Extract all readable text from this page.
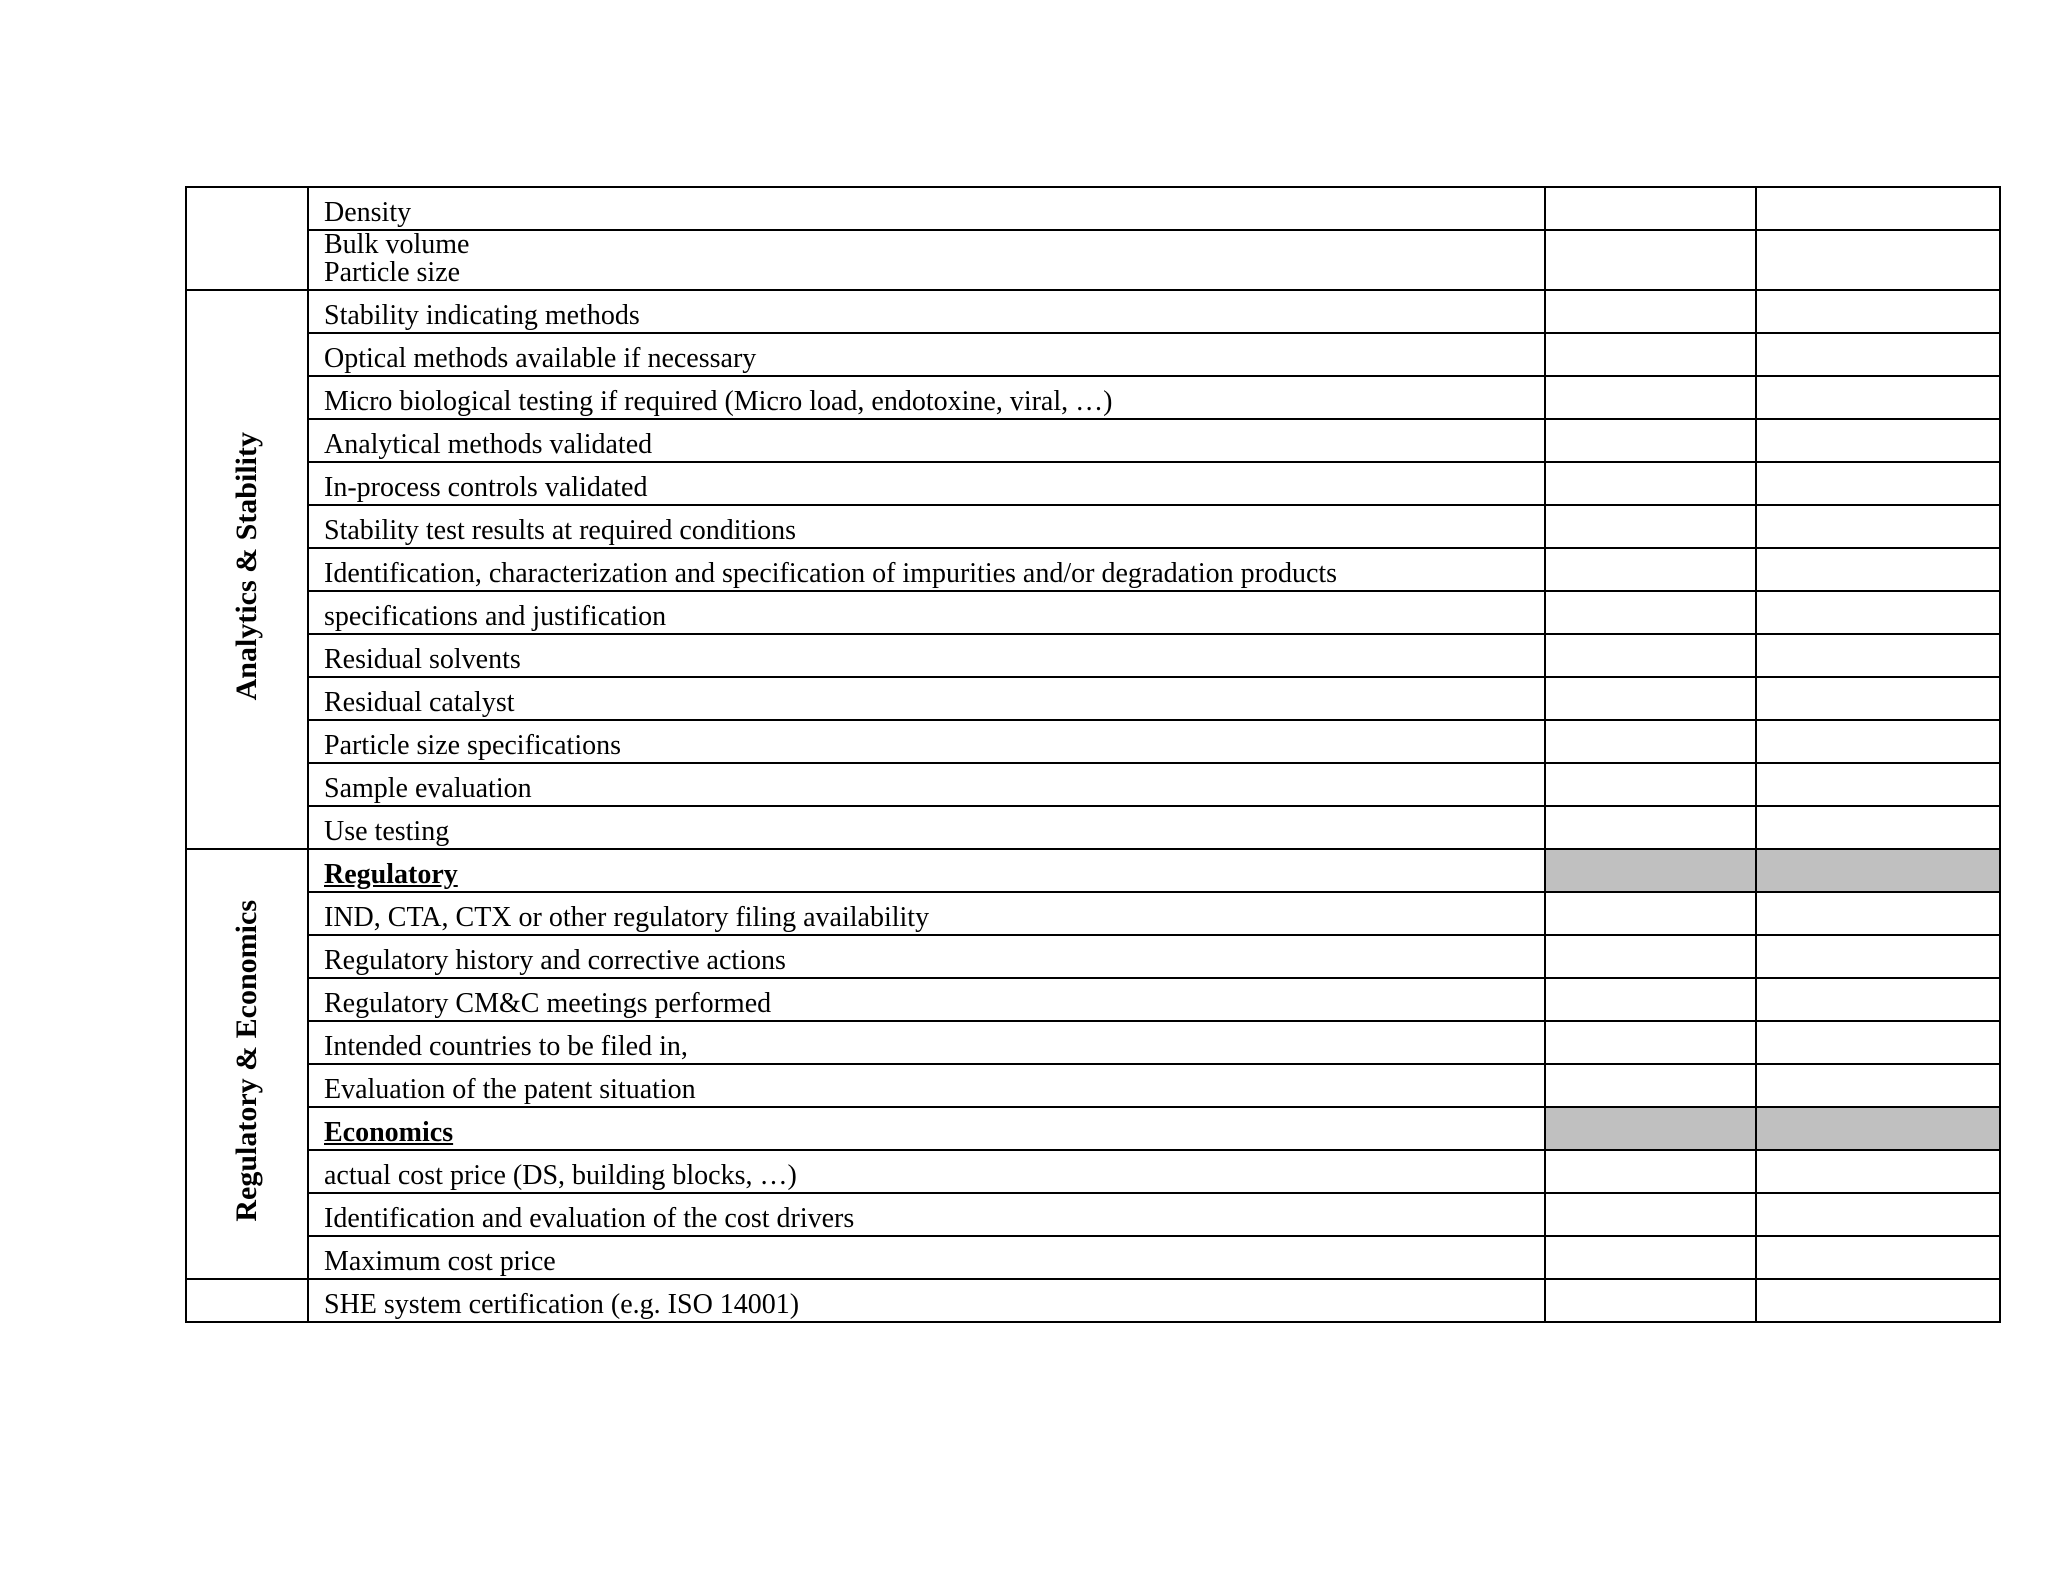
	Density		

	Bulk volume
Particle size		

Analytics & Stability	Stability indicating methods		
	Optical methods available if necessary		
	Micro biological testing if required (Micro load, endotoxine, viral, …)		
	Analytical methods validated		
	In-process controls validated		
	Stability test results at required conditions		
	Identification, characterization and specification of impurities and/or degradation products		
	specifications and justification		
	Residual solvents		
	Residual catalyst		
	Particle size specifications		
	Sample evaluation		
	Use testing		
Regulatory & Economics	Regulatory		
	IND, CTA, CTX or other regulatory filing availability		
	Regulatory history and corrective actions		
	Regulatory CM&C meetings performed		
	Intended countries to be filed in,		
	Evaluation of the patent situation		
	Economics		
	actual cost price (DS, building blocks, …)		
	Identification and evaluation of the cost drivers		
	Maximum cost price		
	SHE system certification (e.g. ISO 14001)		
